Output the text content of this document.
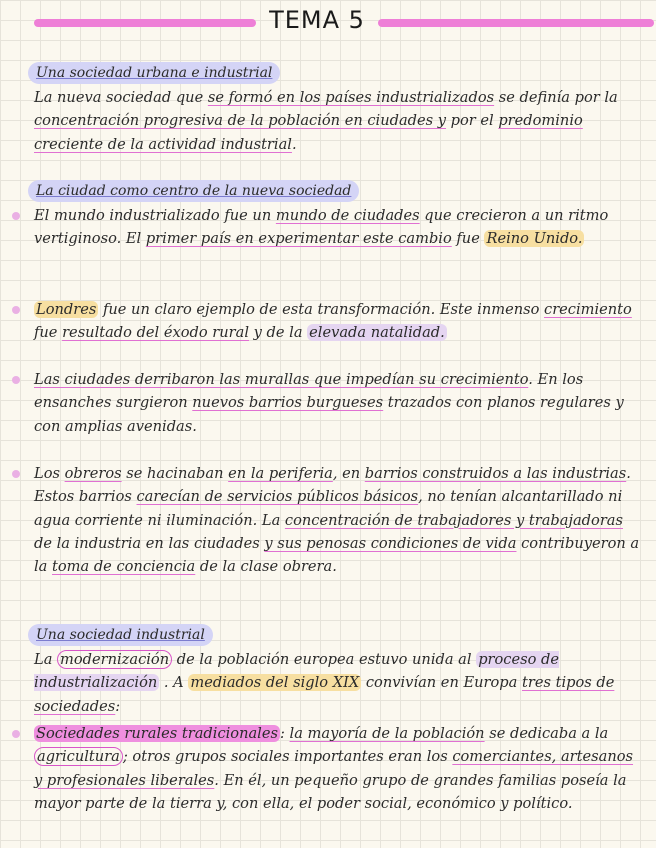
TEMA 5
Una sociedad urbana e industrial
La nueva sociedad que se formó en los países industrializados se definía por la concentración progresiva de la población en ciudades y por el predominio creciente de la actividad industrial.
La ciudad como centro de la nueva sociedad
El mundo industrializado fue un mundo de ciudades que crecieron a un ritmo vertiginoso. El primer país en experimentar este cambio fue Reino Unido.
Londres fue un claro ejemplo de esta transformación. Este inmenso crecimiento fue resultado del éxodo rural y de la elevada natalidad.
Las ciudades derribaron las murallas que impedían su crecimiento. En los ensanches surgieron nuevos barrios burgueses trazados con planos regulares y con amplias avenidas.
Los obreros se hacinaban en la periferia, en barrios construidos a las industrias. Estos barrios carecían de servicios públicos básicos, no tenían alcantarillado ni agua corriente ni iluminación. La concentración de trabajadores y trabajadoras de la industria en las ciudades y sus penosas condiciones de vida contribuyeron a la toma de conciencia de la clase obrera.
Una sociedad industrial
La modernización de la población europea estuvo unida al proceso de industrialización . A mediados del siglo XIX convivían en Europa tres tipos de sociedades:
Sociedades rurales tradicionales : la mayoría de la población se dedicaba a la agricultura ; otros grupos sociales importantes eran los comerciantes, artesanos y profesionales liberales. En él, un pequeño grupo de grandes familias poseía la mayor parte de la tierra y, con ella, el poder social, económico y político.
